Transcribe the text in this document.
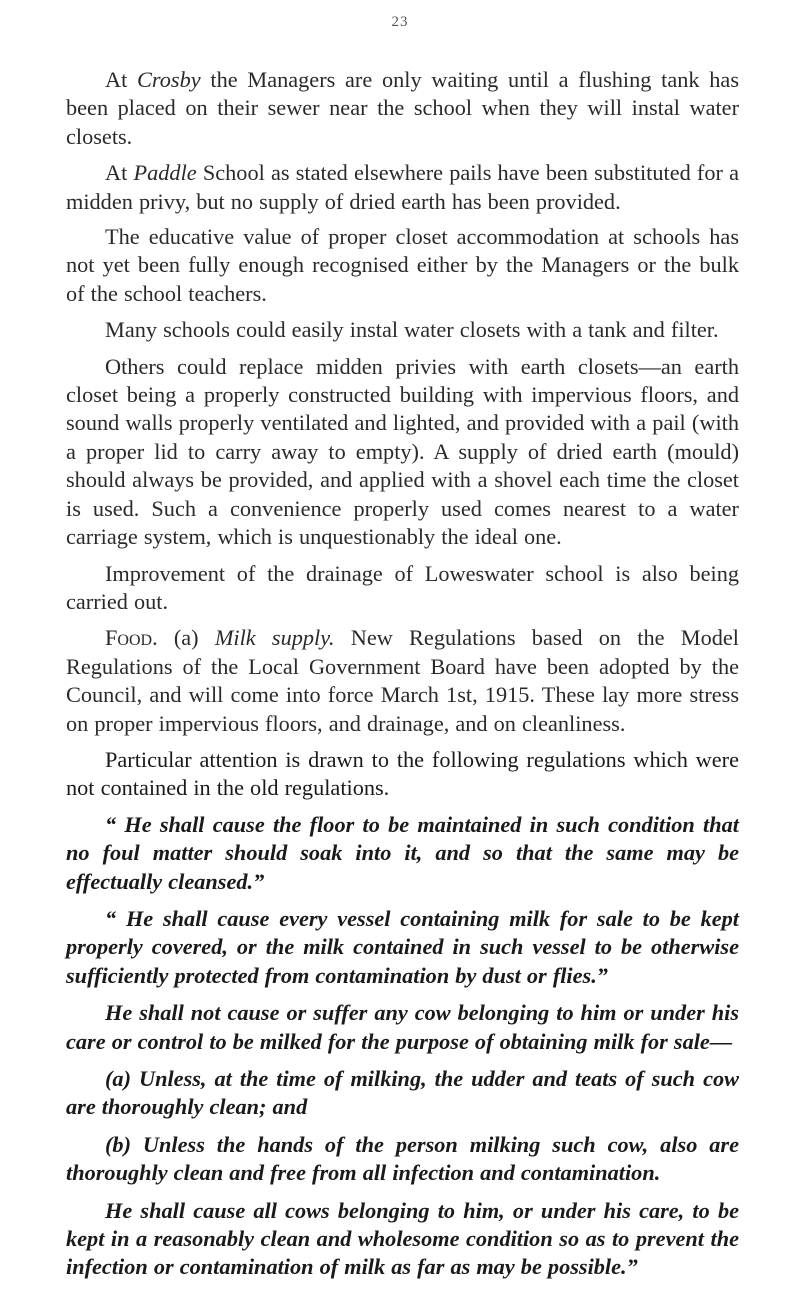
23

At Crosby the Managers are only waiting until a flushing tank has been placed on their sewer near the school when they will instal water closets.

At Paddle School as stated elsewhere pails have been substituted for a midden privy, but no supply of dried earth has been provided.

The educative value of proper closet accommodation at schools has not yet been fully enough recognised either by the Managers or the bulk of the school teachers.

Many schools could easily instal water closets with a tank and filter.

Others could replace midden privies with earth closets—an earth closet being a properly constructed building with impervious floors, and sound walls properly ventilated and lighted, and provided with a pail (with a proper lid to carry away to empty). A supply of dried earth (mould) should always be provided, and applied with a shovel each time the closet is used. Such a convenience properly used comes nearest to a water carriage system, which is unquestionably the ideal one.

Improvement of the drainage of Loweswater school is also being carried out.

Food. (a) Milk supply. New Regulations based on the Model Regulations of the Local Government Board have been adopted by the Council, and will come into force March 1st, 1915. These lay more stress on proper impervious floors, and drainage, and on cleanliness.

Particular attention is drawn to the following regulations which were not contained in the old regulations.

“ He shall cause the floor to be maintained in such condition that no foul matter should soak into it, and so that the same may be effectually cleansed.”

“ He shall cause every vessel containing milk for sale to be kept properly covered, or the milk contained in such vessel to be otherwise sufficiently protected from contamination by dust or flies.”

He shall not cause or suffer any cow belonging to him or under his care or control to be milked for the purpose of obtaining milk for sale—

(a) Unless, at the time of milking, the udder and teats of such cow are thoroughly clean; and

(b) Unless the hands of the person milking such cow, also are thoroughly clean and free from all infection and contamination.

He shall cause all cows belonging to him, or under his care, to be kept in a reasonably clean and wholesome condition so as to prevent the infection or contamination of milk as far as may be possible.”
